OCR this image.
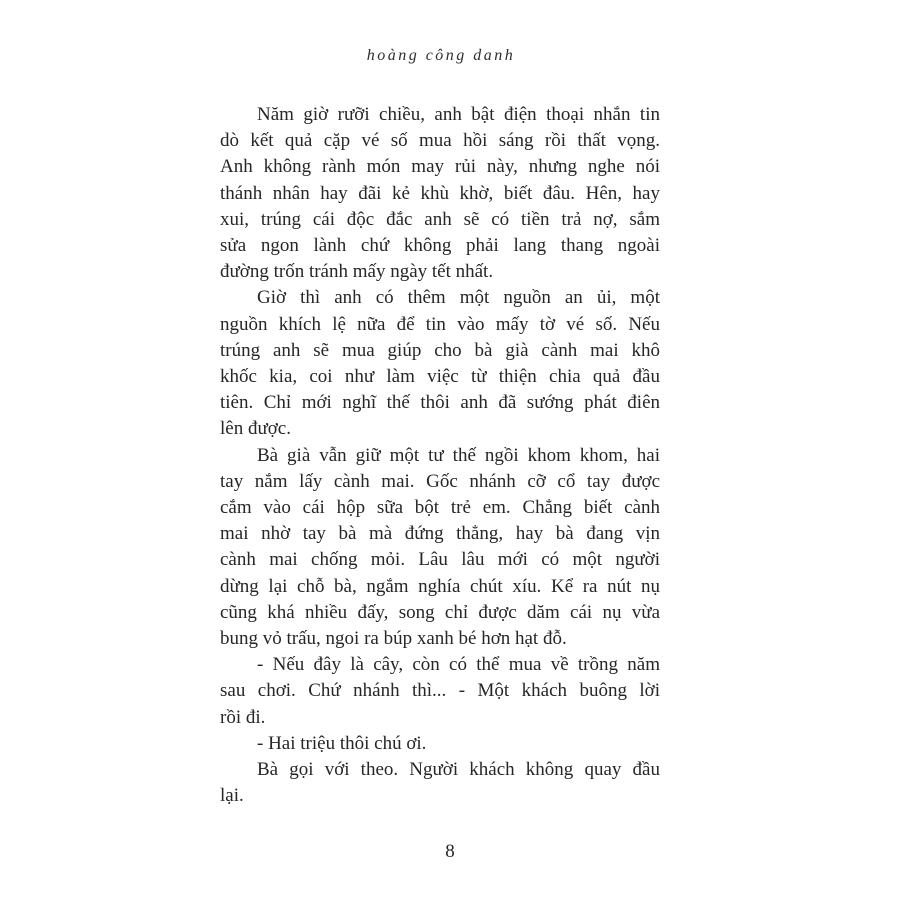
hoàng công danh
Năm giờ rưỡi chiều, anh bật điện thoại nhắn tin
dò kết quả cặp vé số mua hồi sáng rồi thất vọng.
Anh không rành món may rủi này, nhưng nghe nói
thánh nhân hay đãi kẻ khù khờ, biết đâu. Hên, hay
xui, trúng cái độc đắc anh sẽ có tiền trả nợ, sắm
sửa ngon lành chứ không phải lang thang ngoài
đường trốn tránh mấy ngày tết nhất.
Giờ thì anh có thêm một nguồn an ủi, một
nguồn khích lệ nữa để tin vào mấy tờ vé số. Nếu
trúng anh sẽ mua giúp cho bà già cành mai khô
khốc kia, coi như làm việc từ thiện chia quả đầu
tiên. Chỉ mới nghĩ thế thôi anh đã sướng phát điên
lên được.
Bà già vẫn giữ một tư thế ngồi khom khom, hai
tay nắm lấy cành mai. Gốc nhánh cỡ cổ tay được
cắm vào cái hộp sữa bột trẻ em. Chẳng biết cành
mai nhờ tay bà mà đứng thẳng, hay bà đang vịn
cành mai chống mỏi. Lâu lâu mới có một người
dừng lại chỗ bà, ngắm nghía chút xíu. Kể ra nút nụ
cũng khá nhiều đấy, song chỉ được dăm cái nụ vừa
bung vỏ trấu, ngoi ra búp xanh bé hơn hạt đỗ.
- Nếu đây là cây, còn có thể mua về trồng năm
sau chơi. Chứ nhánh thì... - Một khách buông lời
rồi đi.
- Hai triệu thôi chú ơi.
Bà gọi với theo. Người khách không quay đầu
lại.
8
